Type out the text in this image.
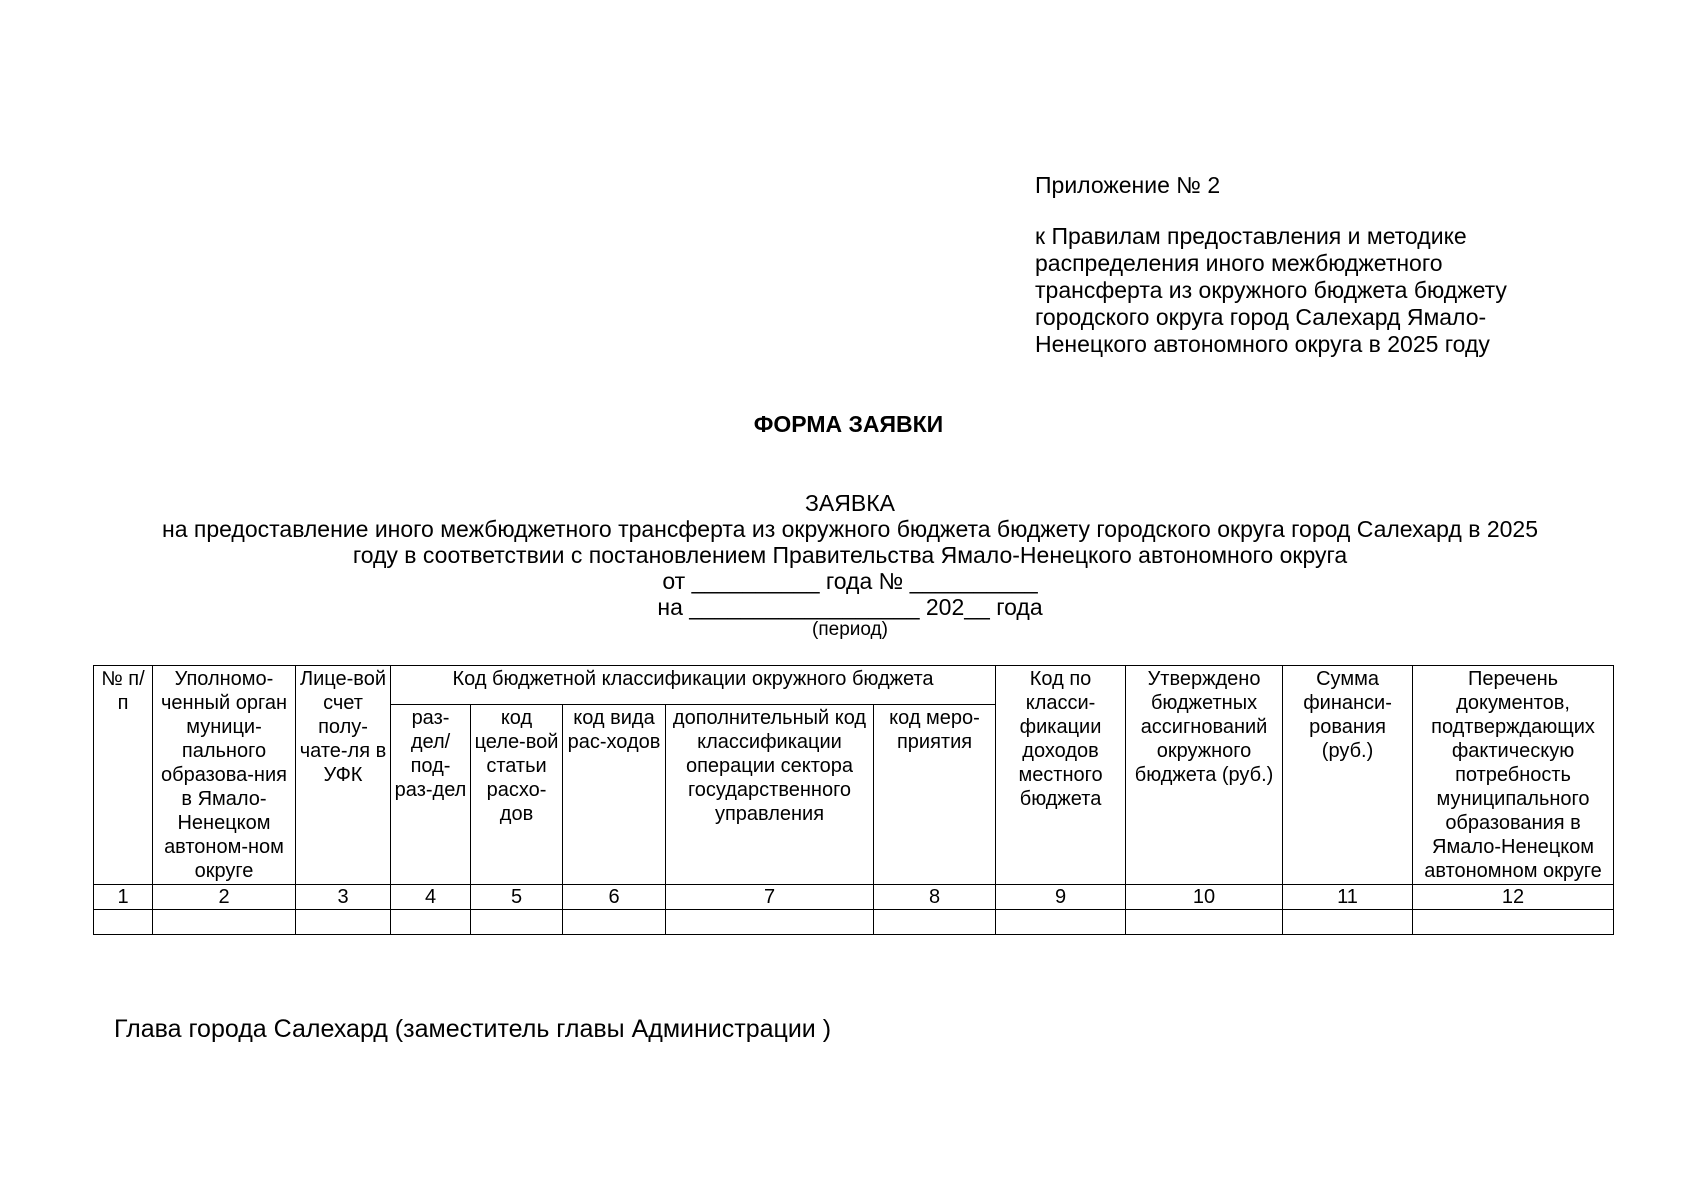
Приложение № 2

к Правилам предоставления и методике
распределения иного межбюджетного
трансферта из окружного бюджета бюджету
городского округа город Салехард Ямало-
Ненецкого автономного округа в 2025 году

ФОРМА ЗАЯВКИ
ЗАЯВКА
на предоставление иного межбюджетного трансферта из окружного бюджета бюджету городского округа город Салехард в 2025
году в соответствии с постановлением Правительства Ямало-Ненецкого автономного округа
от __________ года № __________
на __________________ 202__ года
(период)
№ п/п	Уполномо-ченный орган муници-пального образова-ния в Ямало-Ненецком автоном-ном округе	Лице-вой счет полу-чате-ля в УФК	Код бюджетной классификации окружного бюджета					Код по класси-фикации доходов местного бюджета	Утверждено бюджетных ассигнований окружного бюджета (руб.)	Сумма финанси-рования (руб.)	Перечень документов, подтверждающих фактическую потребность муниципального образования в Ямало-Ненецком автономном округе
			раз-дел/ под-раз-дел	код целе-вой статьи расхо-дов	код вида рас-ходов	дополнительный код классификации операции сектора государственного управления	код меро-приятия				
1	2	3	4	5	6	7	8	9	10	11	12

Глава города Салехард (заместитель главы Администрации )
